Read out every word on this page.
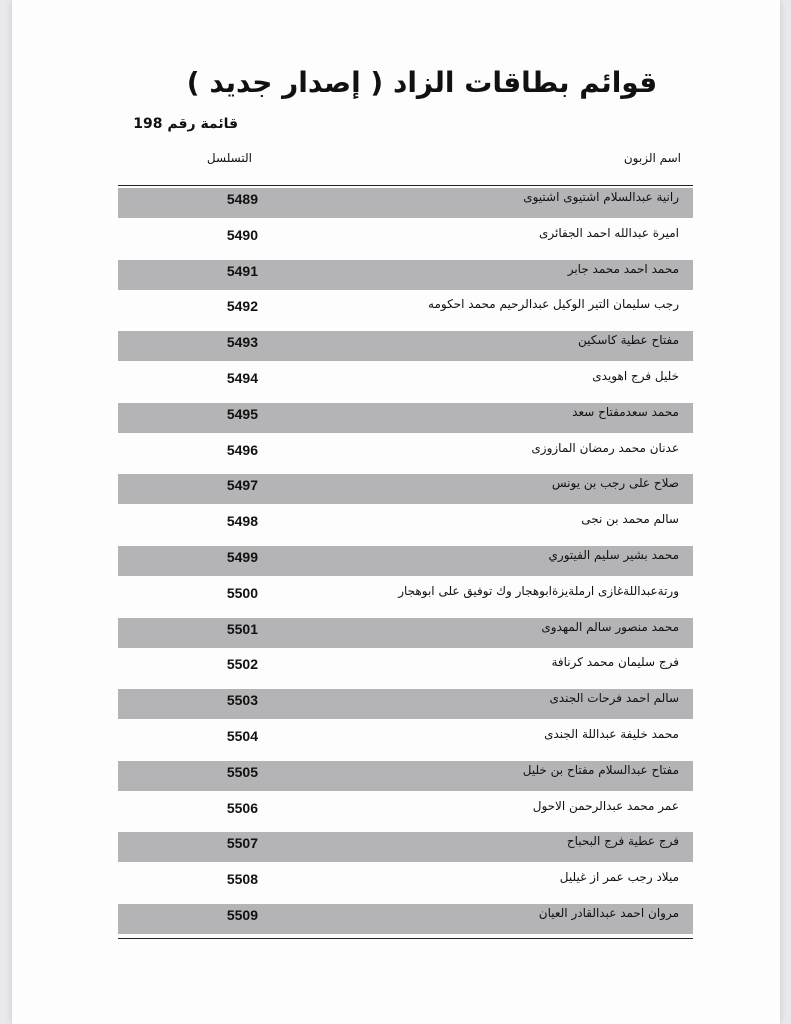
قوائم بطاقات الزاد ( إصدار جديد )
قائمة رقم 198
التسلسل	اسم الزبون
رانية عبدالسلام اشتيوى اشتيوى
5489
اميرة عبدالله احمد الجفائرى
5490
محمد احمد محمد جابر
5491
رجب سليمان التير الوكيل عبدالرحيم محمد احكومه
5492
مفتاح عطية كاسكين
5493
خليل فرج اهويدى
5494
محمد سعدمفتاح سعد
5495
عدنان محمد رمضان المازوزى
5496
صلاح على رجب بن يونس
5497
سالم محمد بن نجى
5498
محمد بشير سليم الفيتوري
5499
ورتةعبداللةغازى ارملةيزةابوهجار وك توفيق على ابوهجار
5500
محمد منصور سالم المهدوى
5501
فرج سليمان محمد كرنافة
5502
سالم احمد فرحات الجندى
5503
محمد خليفة عبداللة الجندى
5504
مفتاح عبدالسلام مفتاح بن خليل
5505
عمر محمد عبدالرحمن الاحول
5506
فرج عطية فرج البحباح
5507
ميلاد رجب عمر از غيليل
5508
مروان احمد عبدالقادر العيان
5509
